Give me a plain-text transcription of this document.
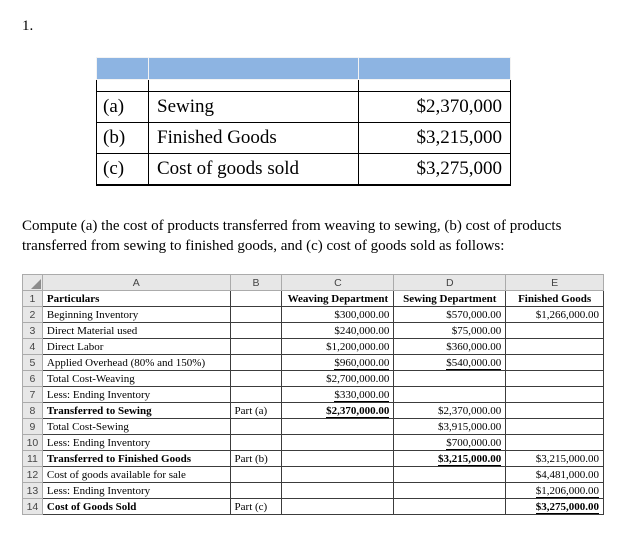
1.

(a)	Sewing	$2,370,000
(b)	Finished Goods	$3,215,000
(c)	Cost of goods sold	$3,275,000

Compute (a) the cost of products transferred from weaving to sewing, (b) cost of products transferred from sewing to finished goods, and (c) cost of goods sold as follows:

	A	B	C	D	E
1	Particulars		Weaving Department	Sewing Department	Finished Goods
2	Beginning Inventory		$300,000.00	$570,000.00	$1,266,000.00
3	Direct Material used		$240,000.00	$75,000.00	
4	Direct Labor		$1,200,000.00	$360,000.00	
5	Applied Overhead (80% and 150%)		$960,000.00	$540,000.00	
6	Total Cost-Weaving		$2,700,000.00		
7	Less: Ending Inventory		$330,000.00		
8	Transferred to Sewing	Part (a)	$2,370,000.00	$2,370,000.00	
9	Total Cost-Sewing			$3,915,000.00	
10	Less: Ending Inventory			$700,000.00	
11	Transferred to Finished Goods	Part (b)		$3,215,000.00	$3,215,000.00
12	Cost of goods available for sale				$4,481,000.00
13	Less: Ending Inventory				$1,206,000.00
14	Cost of Goods Sold	Part (c)			$3,275,000.00
